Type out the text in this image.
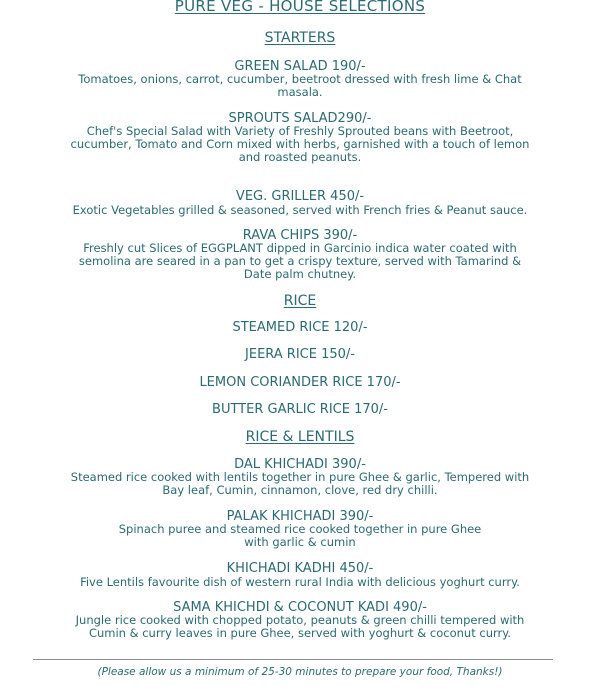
PURE VEG - HOUSE SELECTIONS
STARTERS
GREEN SALAD 190/-
Tomatoes, onions, carrot, cucumber, beetroot dressed with fresh lime & Chat
masala.
SPROUTS SALAD290/-
Chef's Special Salad with Variety of Freshly Sprouted beans with Beetroot,
cucumber, Tomato and Corn mixed with herbs, garnished with a touch of lemon
and roasted peanuts.
VEG. GRILLER 450/-
Exotic Vegetables grilled & seasoned, served with French fries & Peanut sauce.
RAVA CHIPS 390/-
Freshly cut Slices of EGGPLANT dipped in Garcinio indica water coated with
semolina are seared in a pan to get a crispy texture, served with Tamarind &
Date palm chutney.
RICE
STEAMED RICE 120/-
JEERA RICE 150/-
LEMON CORIANDER RICE 170/-
BUTTER GARLIC RICE 170/-
RICE & LENTILS
DAL KHICHADI 390/-
Steamed rice cooked with lentils together in pure Ghee & garlic, Tempered with
Bay leaf, Cumin, cinnamon, clove, red dry chilli.
PALAK KHICHADI 390/-
Spinach puree and steamed rice cooked together in pure Ghee
with garlic & cumin
KHICHADI KADHI 450/-
Five Lentils favourite dish of western rural India with delicious yoghurt curry.
SAMA KHICHDI & COCONUT KADI 490/-
Jungle rice cooked with chopped potato, peanuts & green chilli tempered with
Cumin & curry leaves in pure Ghee, served with yoghurt & coconut curry.
(Please allow us a minimum of 25-30 minutes to prepare your food, Thanks!)
